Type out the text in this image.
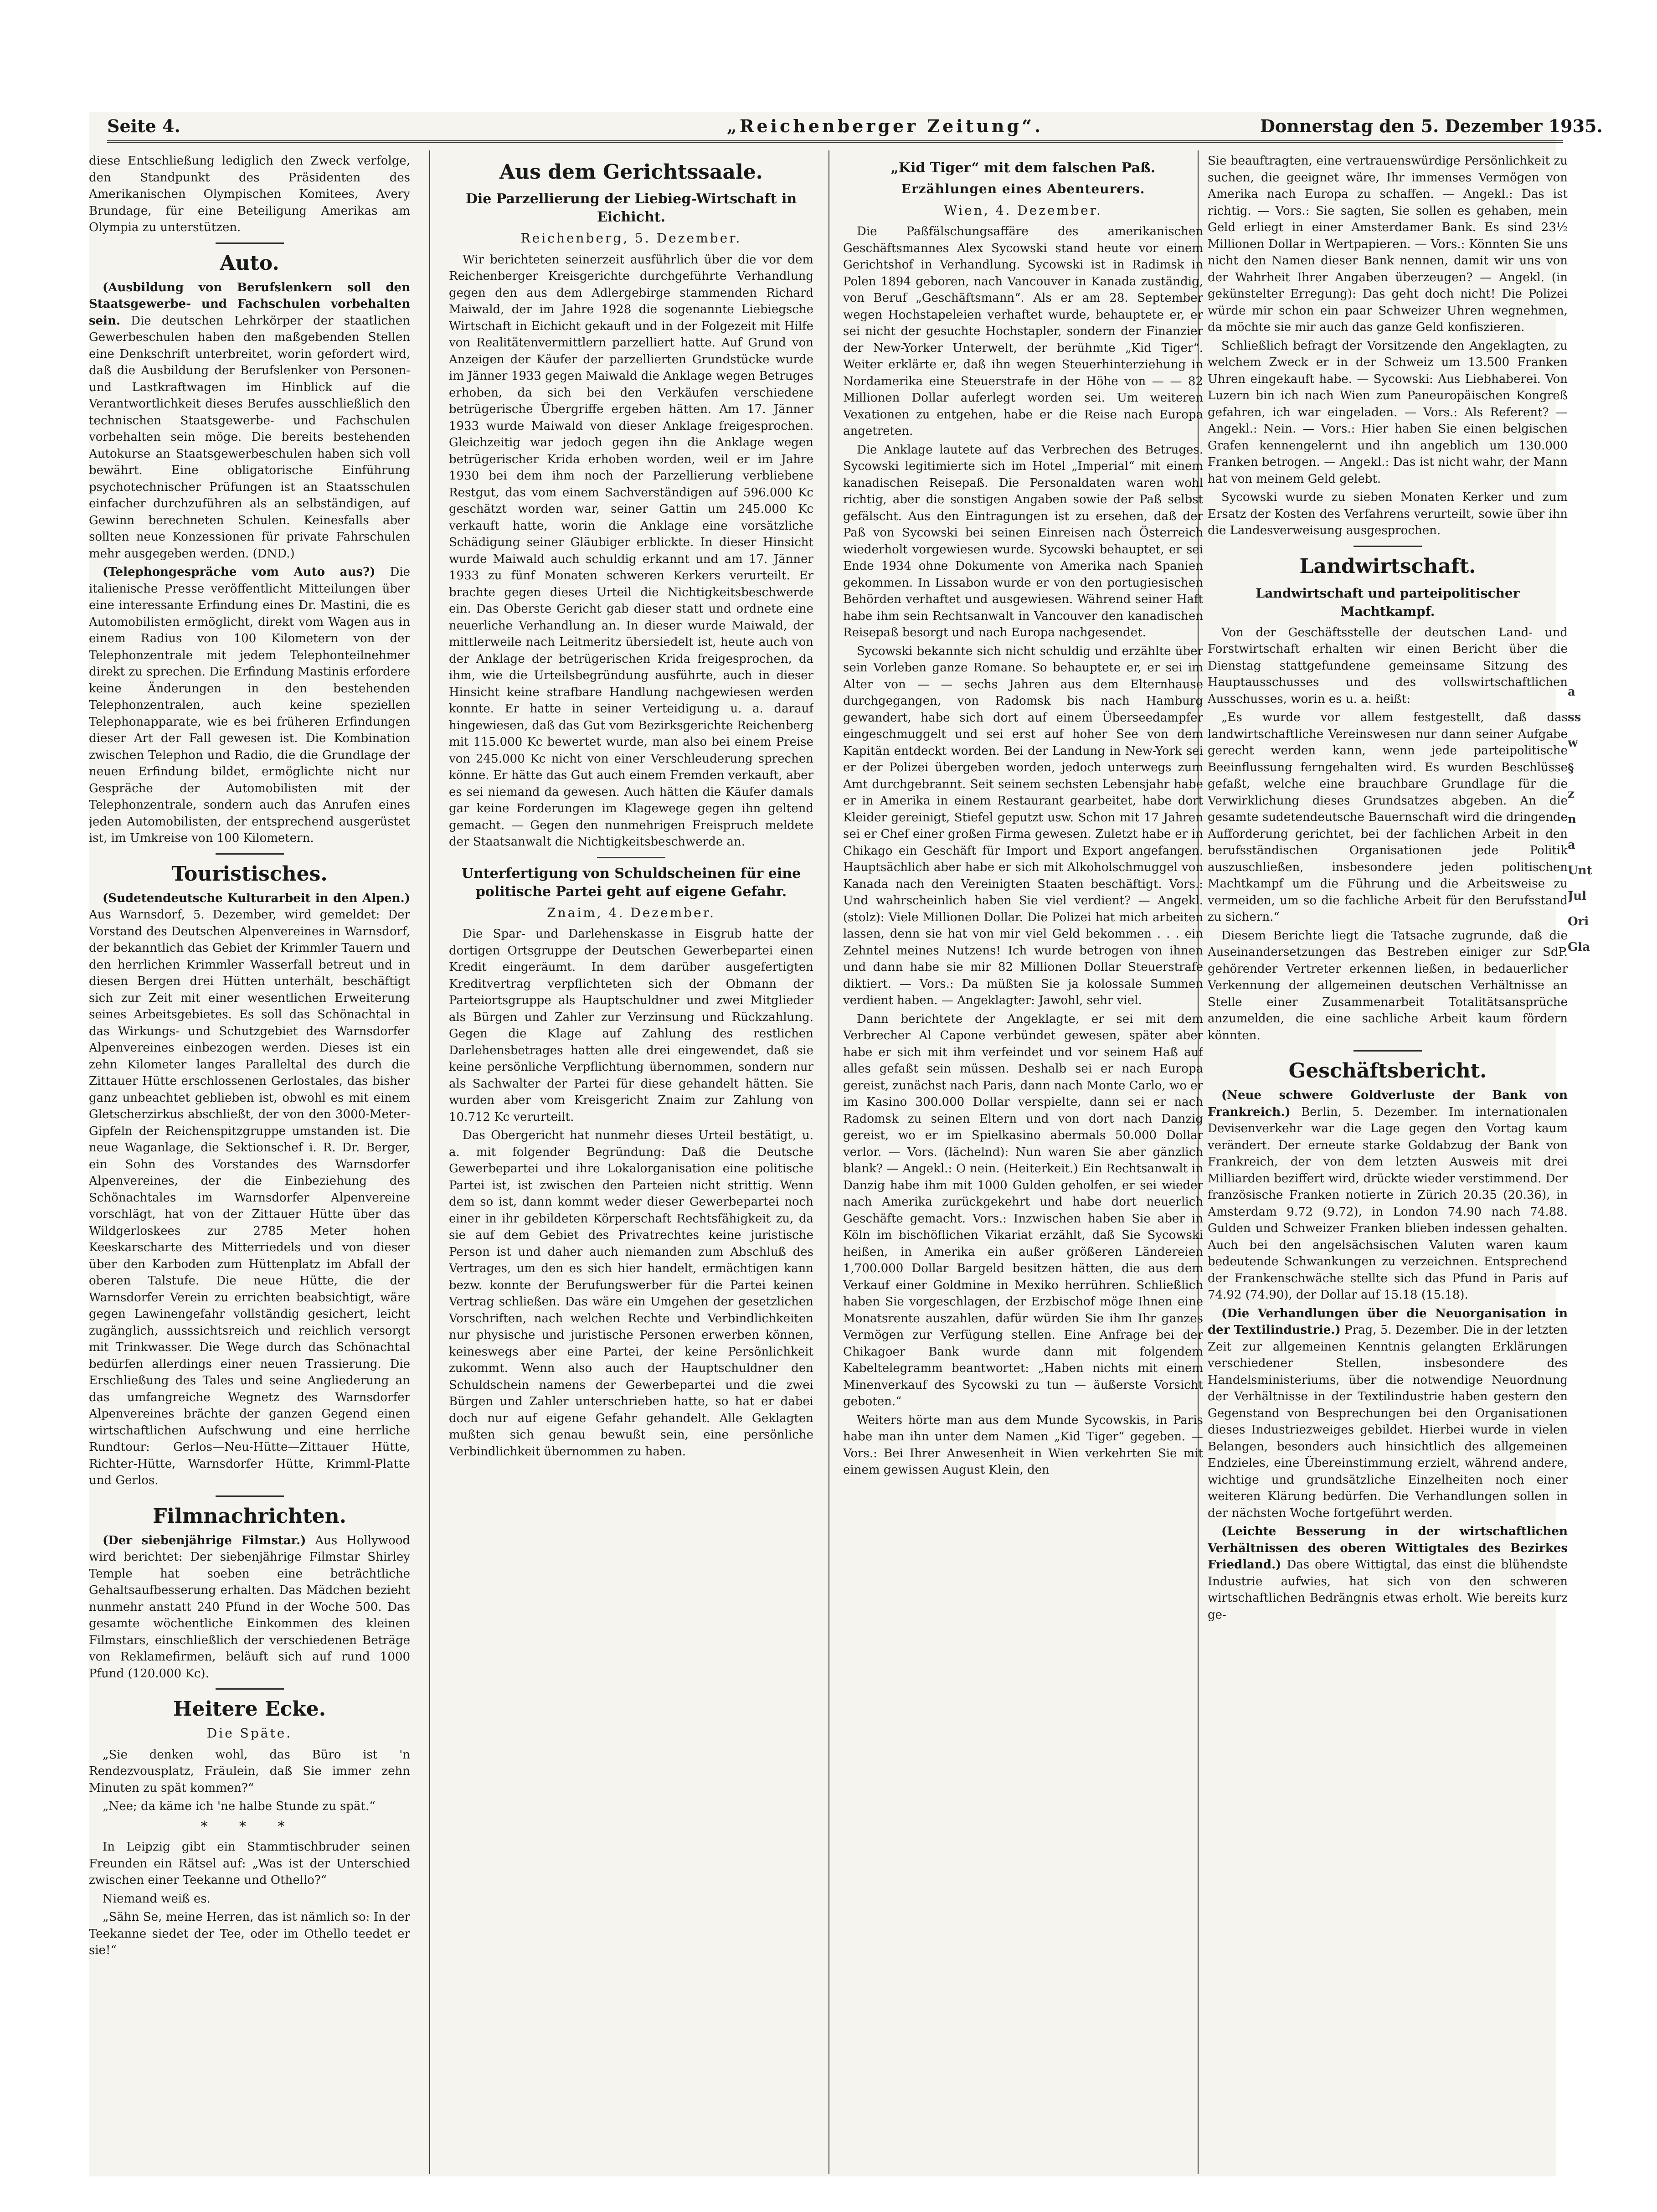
Seite 4.	„Reichenberger Zeitung“.	Donnerstag den 5. Dezember 1935.

diese Entschließung lediglich den Zweck verfolge, den Standpunkt des Präsidenten des Amerikanischen Olympischen Komitees, Avery Brundage, für eine Beteiligung Amerikas am Olympia zu unterstützen.

Auto.

(Ausbildung von Berufslenkern soll den Staatsgewerbe- und Fachschulen vorbehalten sein. Die deutschen Lehrkörper der staatlichen Gewerbeschulen haben den maßgebenden Stellen eine Denkschrift unterbreitet, worin gefordert wird, daß die Ausbildung der Berufslenker von Personen- und Lastkraftwagen im Hinblick auf die Verantwortlichkeit dieses Berufes ausschließlich den technischen Staatsgewerbe- und Fachschulen vorbehalten sein möge. Die bereits bestehenden Autokurse an Staatsgewerbeschulen haben sich voll bewährt. Eine obligatorische Einführung psychotechnischer Prüfungen ist an Staatsschulen einfacher durchzuführen als an selbständigen, auf Gewinn berechneten Schulen. Keinesfalls aber sollten neue Konzessionen für private Fahrschulen mehr ausgegeben werden. (DND.)

(Telephongespräche vom Auto aus?) Die italienische Presse veröffentlicht Mitteilungen über eine interessante Erfindung eines Dr. Mastini, die es Automobilisten ermöglicht, direkt vom Wagen aus in einem Radius von 100 Kilometern von der Telephonzentrale mit jedem Telephonteilnehmer direkt zu sprechen. Die Erfindung Mastinis erfordere keine Änderungen in den bestehenden Telephonzentralen, auch keine speziellen Telephonapparate, wie es bei früheren Erfindungen dieser Art der Fall gewesen ist. Die Kombination zwischen Telephon und Radio, die die Grundlage der neuen Erfindung bildet, ermöglichte nicht nur Gespräche der Automobilisten mit der Telephonzentrale, sondern auch das Anrufen eines jeden Automobilisten, der entsprechend ausgerüstet ist, im Umkreise von 100 Kilometern.

Touristisches.

(Sudetendeutsche Kulturarbeit in den Alpen.) Aus Warnsdorf, 5. Dezember, wird gemeldet: Der Vorstand des Deutschen Alpenvereines in Warnsdorf, der bekanntlich das Gebiet der Krimmler Tauern und den herrlichen Krimmler Wasserfall betreut und in diesen Bergen drei Hütten unterhält, beschäftigt sich zur Zeit mit einer wesentlichen Erweiterung seines Arbeitsgebietes. Es soll das Schönachtal in das Wirkungs- und Schutzgebiet des Warnsdorfer Alpenvereines einbezogen werden. Dieses ist ein zehn Kilometer langes Paralleltal des durch die Zittauer Hütte erschlossenen Gerlostales, das bisher ganz unbeachtet geblieben ist, obwohl es mit einem Gletscherzirkus abschließt, der von den 3000-Meter-Gipfeln der Reichenspitzgruppe umstanden ist. Die neue Waganlage, die Sektionschef i. R. Dr. Berger, ein Sohn des Vorstandes des Warnsdorfer Alpenvereines, der die Einbeziehung des Schönachtales im Warnsdorfer Alpenvereine vorschlägt, hat von der Zittauer Hütte über das Wildgerloskees zur 2785 Meter hohen Keeskarscharte des Mitterriedels und von dieser über den Karboden zum Hüttenplatz im Abfall der oberen Talstufe. Die neue Hütte, die der Warnsdorfer Verein zu errichten beabsichtigt, wäre gegen Lawinengefahr vollständig gesichert, leicht zugänglich, ausssichtsreich und reichlich versorgt mit Trinkwasser. Die Wege durch das Schönachtal bedürfen allerdings einer neuen Trassierung. Die Erschließung des Tales und seine Angliederung an das umfangreiche Wegnetz des Warnsdorfer Alpenvereines brächte der ganzen Gegend einen wirtschaftlichen Aufschwung und eine herrliche Rundtour: Gerlos—Neu-Hütte—Zittauer Hütte, Richter-Hütte, Warnsdorfer Hütte, Krimml-Platte und Gerlos.

Filmnachrichten.

(Der siebenjährige Filmstar.) Aus Hollywood wird berichtet: Der siebenjährige Filmstar Shirley Temple hat soeben eine beträchtliche Gehaltsaufbesserung erhalten. Das Mädchen bezieht nunmehr anstatt 240 Pfund in der Woche 500. Das gesamte wöchentliche Einkommen des kleinen Filmstars, einschließlich der verschiedenen Beträge von Reklamefirmen, beläuft sich auf rund 1000 Pfund (120.000 Kc).

Heitere Ecke.
Die Späte.

„Sie denken wohl, das Büro ist 'n Rendezvousplatz, Fräulein, daß Sie immer zehn Minuten zu spät kommen?“

„Nee; da käme ich 'ne halbe Stunde zu spät.“

* * *

In Leipzig gibt ein Stammtischbruder seinen Freunden ein Rätsel auf: „Was ist der Unterschied zwischen einer Teekanne und Othello?“

Niemand weiß es.

„Sähn Se, meine Herren, das ist nämlich so: In der Teekanne siedet der Tee, oder im Othello teedet er sie!“

Aus dem Gerichtssaale.
Die Parzellierung der Liebieg-Wirtschaft in Eichicht.
Reichenberg, 5. Dezember.

Wir berichteten seinerzeit ausführlich über die vor dem Reichenberger Kreisgerichte durchgeführte Verhandlung gegen den aus dem Adlergebirge stammenden Richard Maiwald, der im Jahre 1928 die sogenannte Liebiegsche Wirtschaft in Eichicht gekauft und in der Folgezeit mit Hilfe von Realitätenvermittlern parzelliert hatte. Auf Grund von Anzeigen der Käufer der parzellierten Grundstücke wurde im Jänner 1933 gegen Maiwald die Anklage wegen Betruges erhoben, da sich bei den Verkäufen verschiedene betrügerische Übergriffe ergeben hätten. Am 17. Jänner 1933 wurde Maiwald von dieser Anklage freigesprochen. Gleichzeitig war jedoch gegen ihn die Anklage wegen betrügerischer Krida erhoben worden, weil er im Jahre 1930 bei dem ihm noch der Parzellierung verbliebene Restgut, das vom einem Sachverständigen auf 596.000 Kc geschätzt worden war, seiner Gattin um 245.000 Kc verkauft hatte, worin die Anklage eine vorsätzliche Schädigung seiner Gläubiger erblickte. In dieser Hinsicht wurde Maiwald auch schuldig erkannt und am 17. Jänner 1933 zu fünf Monaten schweren Kerkers verurteilt. Er brachte gegen dieses Urteil die Nichtigkeitsbeschwerde ein. Das Oberste Gericht gab dieser statt und ordnete eine neuerliche Verhandlung an. In dieser wurde Maiwald, der mittlerweile nach Leitmeritz übersiedelt ist, heute auch von der Anklage der betrügerischen Krida freigesprochen, da ihm, wie die Urteilsbegründung ausführte, auch in dieser Hinsicht keine strafbare Handlung nachgewiesen werden konnte. Er hatte in seiner Verteidigung u. a. darauf hingewiesen, daß das Gut vom Bezirksgerichte Reichenberg mit 115.000 Kc bewertet wurde, man also bei einem Preise von 245.000 Kc nicht von einer Verschleuderung sprechen könne. Er hätte das Gut auch einem Fremden verkauft, aber es sei niemand da gewesen. Auch hätten die Käufer damals gar keine Forderungen im Klagewege gegen ihn geltend gemacht. — Gegen den nunmehrigen Freispruch meldete der Staatsanwalt die Nichtigkeitsbeschwerde an.

Unterfertigung von Schuldscheinen für eine politische Partei geht auf eigene Gefahr.
Znaim, 4. Dezember.

Die Spar- und Darlehenskasse in Eisgrub hatte der dortigen Ortsgruppe der Deutschen Gewerbepartei einen Kredit eingeräumt. In dem darüber ausgefertigten Kreditvertrag verpflichteten sich der Obmann der Parteiortsgruppe als Hauptschuldner und zwei Mitglieder als Bürgen und Zahler zur Verzinsung und Rückzahlung. Gegen die Klage auf Zahlung des restlichen Darlehensbetrages hatten alle drei eingewendet, daß sie keine persönliche Verpflichtung übernommen, sondern nur als Sachwalter der Partei für diese gehandelt hätten. Sie wurden aber vom Kreisgericht Znaim zur Zahlung von 10.712 Kc verurteilt.

Das Obergericht hat nunmehr dieses Urteil bestätigt, u. a. mit folgender Begründung: Daß die Deutsche Gewerbepartei und ihre Lokalorganisation eine politische Partei ist, ist zwischen den Parteien nicht strittig. Wenn dem so ist, dann kommt weder dieser Gewerbepartei noch einer in ihr gebildeten Körperschaft Rechtsfähigkeit zu, da sie auf dem Gebiet des Privatrechtes keine juristische Person ist und daher auch niemanden zum Abschluß des Vertrages, um den es sich hier handelt, ermächtigen kann bezw. konnte der Berufungswerber für die Partei keinen Vertrag schließen. Das wäre ein Umgehen der gesetzlichen Vorschriften, nach welchen Rechte und Verbindlichkeiten nur physische und juristische Personen erwerben können, keineswegs aber eine Partei, der keine Persönlichkeit zukommt. Wenn also auch der Hauptschuldner den Schuldschein namens der Gewerbepartei und die zwei Bürgen und Zahler unterschrieben hatte, so hat er dabei doch nur auf eigene Gefahr gehandelt. Alle Geklagten mußten sich genau bewußt sein, eine persönliche Verbindlichkeit übernommen zu haben.

„Kid Tiger“ mit dem falschen Paß.
Erzählungen eines Abenteurers.
Wien, 4. Dezember.

Die Paßfälschungsaffäre des amerikanischen Geschäftsmannes Alex Sycowski stand heute vor einem Gerichtshof in Verhandlung. Sycowski ist in Radimsk in Polen 1894 geboren, nach Vancouver in Kanada zuständig, von Beruf „Geschäftsmann“. Als er am 28. September wegen Hochstapeleien verhaftet wurde, behauptete er, er sei nicht der gesuchte Hochstapler, sondern der Finanzier der New-Yorker Unterwelt, der berühmte „Kid Tiger“. Weiter erklärte er, daß ihn wegen Steuerhinterziehung in Nordamerika eine Steuerstrafe in der Höhe von — — 82 Millionen Dollar auferlegt worden sei. Um weiteren Vexationen zu entgehen, habe er die Reise nach Europa angetreten.

Die Anklage lautete auf das Verbrechen des Betruges. Sycowski legitimierte sich im Hotel „Imperial“ mit einem kanadischen Reisepaß. Die Personaldaten waren wohl richtig, aber die sonstigen Angaben sowie der Paß selbst gefälscht. Aus den Eintragungen ist zu ersehen, daß der Paß von Sycowski bei seinen Einreisen nach Österreich wiederholt vorgewiesen wurde. Sycowski behauptet, er sei Ende 1934 ohne Dokumente von Amerika nach Spanien gekommen. In Lissabon wurde er von den portugiesischen Behörden verhaftet und ausgewiesen. Während seiner Haft habe ihm sein Rechtsanwalt in Vancouver den kanadischen Reisepaß besorgt und nach Europa nachgesendet.

Sycowski bekannte sich nicht schuldig und erzählte über sein Vorleben ganze Romane. So behauptete er, er sei im Alter von — — sechs Jahren aus dem Elternhause durchgegangen, von Radomsk bis nach Hamburg gewandert, habe sich dort auf einem Überseedampfer eingeschmuggelt und sei erst auf hoher See von dem Kapitän entdeckt worden. Bei der Landung in New-York sei er der Polizei übergeben worden, jedoch unterwegs zum Amt durchgebrannt. Seit seinem sechsten Lebensjahr habe er in Amerika in einem Restaurant gearbeitet, habe dort Kleider gereinigt, Stiefel geputzt usw. Schon mit 17 Jahren sei er Chef einer großen Firma gewesen. Zuletzt habe er in Chikago ein Geschäft für Import und Export angefangen. Hauptsächlich aber habe er sich mit Alkoholschmuggel von Kanada nach den Vereinigten Staaten beschäftigt. Vors.: Und wahrscheinlich haben Sie viel verdient? — Angekl. (stolz): Viele Millionen Dollar. Die Polizei hat mich arbeiten lassen, denn sie hat von mir viel Geld bekommen . . . ein Zehntel meines Nutzens! Ich wurde betrogen von ihnen und dann habe sie mir 82 Millionen Dollar Steuerstrafe diktiert. — Vors.: Da müßten Sie ja kolossale Summen verdient haben. — Angeklagter: Jawohl, sehr viel.

Dann berichtete der Angeklagte, er sei mit dem Verbrecher Al Capone verbündet gewesen, später aber habe er sich mit ihm verfeindet und vor seinem Haß auf alles gefaßt sein müssen. Deshalb sei er nach Europa gereist, zunächst nach Paris, dann nach Monte Carlo, wo er im Kasino 300.000 Dollar verspielte, dann sei er nach Radomsk zu seinen Eltern und von dort nach Danzig gereist, wo er im Spielkasino abermals 50.000 Dollar verlor. — Vors. (lächelnd): Nun waren Sie aber gänzlich blank? — Angekl.: O nein. (Heiterkeit.) Ein Rechtsanwalt in Danzig habe ihm mit 1000 Gulden geholfen, er sei wieder nach Amerika zurückgekehrt und habe dort neuerlich Geschäfte gemacht. Vors.: Inzwischen haben Sie aber in Köln im bischöflichen Vikariat erzählt, daß Sie Sycowski heißen, in Amerika ein außer größeren Ländereien 1,700.000 Dollar Bargeld besitzen hätten, die aus dem Verkauf einer Goldmine in Mexiko herrühren. Schließlich haben Sie vorgeschlagen, der Erzbischof möge Ihnen eine Monatsrente auszahlen, dafür würden Sie ihm Ihr ganzes Vermögen zur Verfügung stellen. Eine Anfrage bei der Chikagoer Bank wurde dann mit folgendem Kabeltelegramm beantwortet: „Haben nichts mit einem Minenverkauf des Sycowski zu tun — äußerste Vorsicht geboten.“

Weiters hörte man aus dem Munde Sycowskis, in Paris habe man ihn unter dem Namen „Kid Tiger“ gegeben. — Vors.: Bei Ihrer Anwesenheit in Wien verkehrten Sie mit einem gewissen August Klein, den

Sie beauftragten, eine vertrauenswürdige Persönlichkeit zu suchen, die geeignet wäre, Ihr immenses Vermögen von Amerika nach Europa zu schaffen. — Angekl.: Das ist richtig. — Vors.: Sie sagten, Sie sollen es gehaben, mein Geld erliegt in einer Amsterdamer Bank. Es sind 23½ Millionen Dollar in Wertpapieren. — Vors.: Könnten Sie uns nicht den Namen dieser Bank nennen, damit wir uns von der Wahrheit Ihrer Angaben überzeugen? — Angekl. (in gekünstelter Erregung): Das geht doch nicht! Die Polizei würde mir schon ein paar Schweizer Uhren wegnehmen, da möchte sie mir auch das ganze Geld konfiszieren.

Schließlich befragt der Vorsitzende den Angeklagten, zu welchem Zweck er in der Schweiz um 13.500 Franken Uhren eingekauft habe. — Sycowski: Aus Liebhaberei. Von Luzern bin ich nach Wien zum Paneuropäischen Kongreß gefahren, ich war eingeladen. — Vors.: Als Referent? — Angekl.: Nein. — Vors.: Hier haben Sie einen belgischen Grafen kennengelernt und ihn angeblich um 130.000 Franken betrogen. — Angekl.: Das ist nicht wahr, der Mann hat von meinem Geld gelebt.

Sycowski wurde zu sieben Monaten Kerker und zum Ersatz der Kosten des Verfahrens verurteilt, sowie über ihn die Landesverweisung ausgesprochen.

Landwirtschaft.
Landwirtschaft und parteipolitischer Machtkampf.

Von der Geschäftsstelle der deutschen Land- und Forstwirtschaft erhalten wir einen Bericht über die Dienstag stattgefundene gemeinsame Sitzung des Hauptausschusses und des vollswirtschaftlichen Ausschusses, worin es u. a. heißt:

„Es wurde vor allem festgestellt, daß das landwirtschaftliche Vereinswesen nur dann seiner Aufgabe gerecht werden kann, wenn jede parteipolitische Beeinflussung ferngehalten wird. Es wurden Beschlüsse gefaßt, welche eine brauchbare Grundlage für die Verwirklichung dieses Grundsatzes abgeben. An die gesamte sudetendeutsche Bauernschaft wird die dringende Aufforderung gerichtet, bei der fachlichen Arbeit in den berufsständischen Organisationen jede Politik auszuschließen, insbesondere jeden politischen Machtkampf um die Führung und die Arbeitsweise zu vermeiden, um so die fachliche Arbeit für den Berufsstand zu sichern.“

Diesem Berichte liegt die Tatsache zugrunde, daß die Auseinandersetzungen das Bestreben einiger zur SdP. gehörender Vertreter erkennen ließen, in bedauerlicher Verkennung der allgemeinen deutschen Verhältnisse an Stelle einer Zusammenarbeit Totalitätsansprüche anzumelden, die eine sachliche Arbeit kaum fördern könnten.

Geschäftsbericht.

(Neue schwere Goldverluste der Bank von Frankreich.) Berlin, 5. Dezember. Im internationalen Devisenverkehr war die Lage gegen den Vortag kaum verändert. Der erneute starke Goldabzug der Bank von Frankreich, der von dem letzten Ausweis mit drei Milliarden beziffert wird, drückte wieder verstimmend. Der französische Franken notierte in Zürich 20.35 (20.36), in Amsterdam 9.72 (9.72), in London 74.90 nach 74.88. Gulden und Schweizer Franken blieben indessen gehalten. Auch bei den angelsächsischen Valuten waren kaum bedeutende Schwankungen zu verzeichnen. Entsprechend der Frankenschwäche stellte sich das Pfund in Paris auf 74.92 (74.90), der Dollar auf 15.18 (15.18).

(Die Verhandlungen über die Neuorganisation in der Textilindustrie.) Prag, 5. Dezember. Die in der letzten Zeit zur allgemeinen Kenntnis gelangten Erklärungen verschiedener Stellen, insbesondere des Handelsministeriums, über die notwendige Neuordnung der Verhältnisse in der Textilindustrie haben gestern den Gegenstand von Besprechungen bei den Organisationen dieses Industriezweiges gebildet. Hierbei wurde in vielen Belangen, besonders auch hinsichtlich des allgemeinen Endzieles, eine Übereinstimmung erzielt, während andere, wichtige und grundsätzliche Einzelheiten noch einer weiteren Klärung bedürfen. Die Verhandlungen sollen in der nächsten Woche fortgeführt werden.

(Leichte Besserung in der wirtschaftlichen Verhältnissen des oberen Wittigtales des Bezirkes Friedland.) Das obere Wittigtal, das einst die blühendste Industrie aufwies, hat sich von den schweren wirtschaftlichen Bedrängnis etwas erholt. Wie bereits kurz ge-

a
ss
w
§
z
n
a
Unt
Jul
Ori
Gla
